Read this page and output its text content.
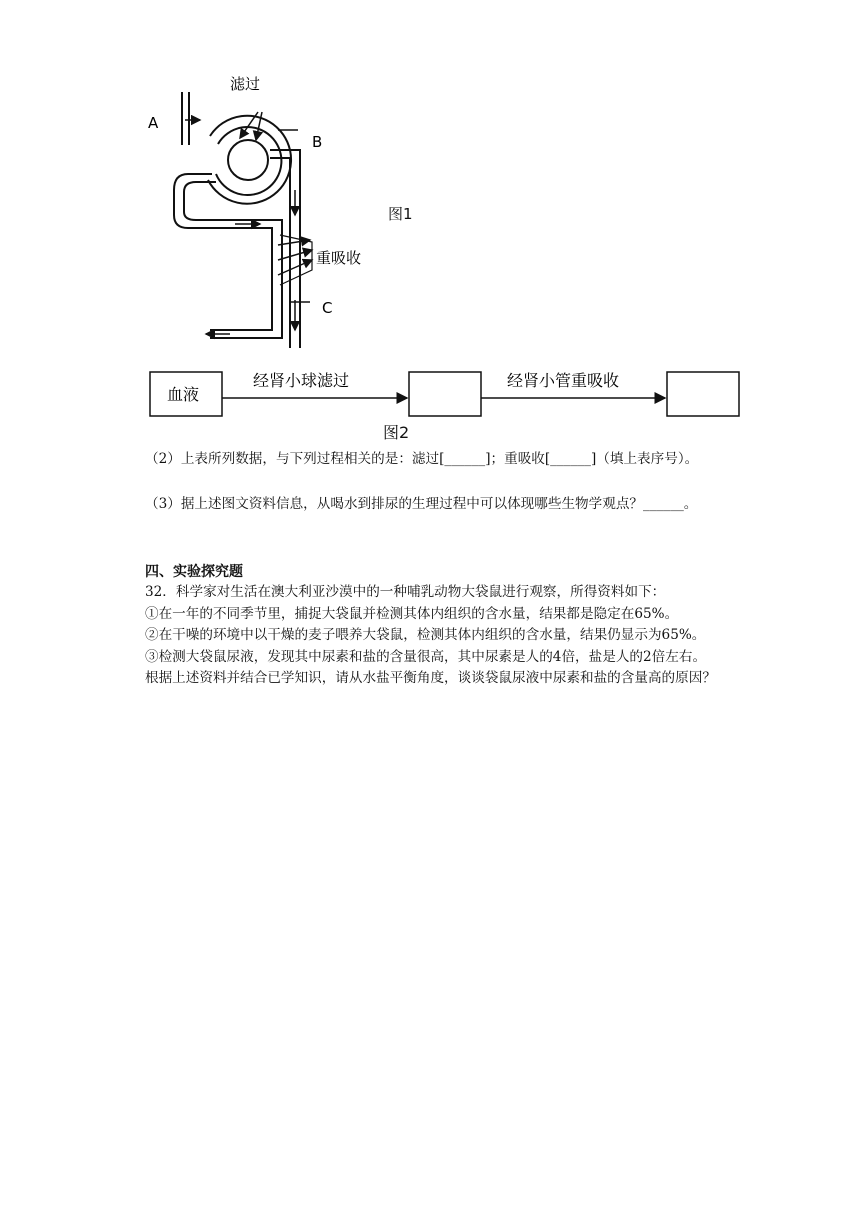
A
B
C
滤过
重吸收
图1
血液
经肾小球滤过	经肾小管重吸收
图2
（2）上表所列数据，与下列过程相关的是：滤过[______]；重吸收[______]（填上表序号）。
（3）据上述图文资料信息，从喝水到排尿的生理过程中可以体现哪些生物学观点？______。
四、实验探究题

32．科学家对生活在澳大利亚沙漠中的一种哺乳动物大袋鼠进行观察，所得资料如下：

①在一年的不同季节里，捕捉大袋鼠并检测其体内组织的含水量，结果都是隐定在65%。

②在干噪的环境中以干燥的麦子喂养大袋鼠，检测其体内组织的含水量，结果仍显示为65%。

③检测大袋鼠尿液，发现其中尿素和盐的含量很高，其中尿素是人的4倍，盐是人的2倍左右。

根据上述资料并结合已学知识，请从水盐平衡角度，谈谈袋鼠尿液中尿素和盐的含量高的原因？
